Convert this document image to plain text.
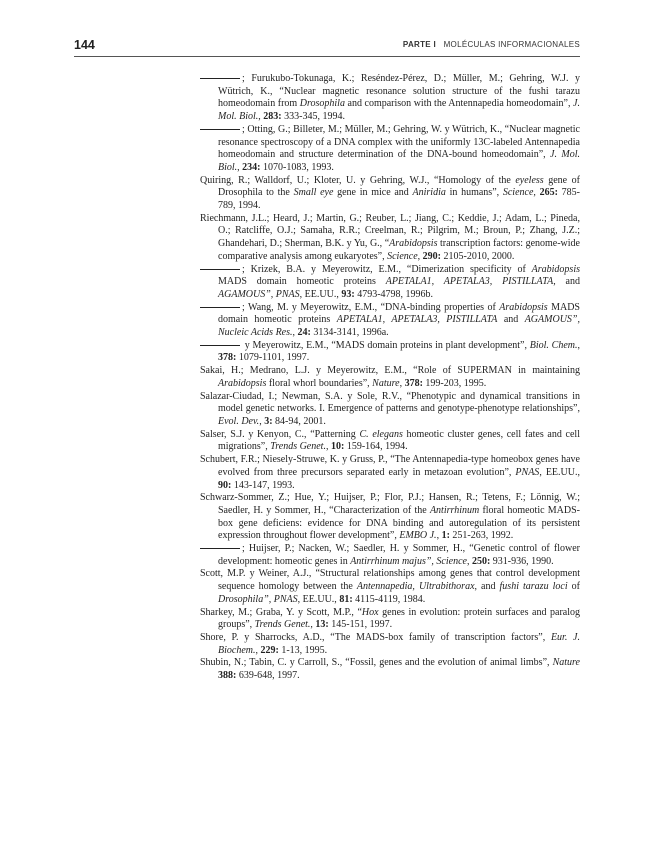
144	PARTE I MOLÉCULAS INFORMACIONALES

; Furukubo-Tokunaga, K.; Reséndez-Pérez, D.; Müller, M.; Gehring, W.J. y Wütrich, K., “Nuclear magnetic resonance solution structure of the fushi tarazu homeodomain from Drosophila and comparison with the Antennapedia homeodomain”, J. Mol. Biol., 283: 333-345, 1994.

; Otting, G.; Billeter, M.; Müller, M.; Gehring, W. y Wütrich, K., “Nuclear magnetic resonance spectroscopy of a DNA complex with the uniformly 13C-labeled Antennapedia homeodomain and structure determination of the DNA-bound homeodomain”, J. Mol. Biol., 234: 1070-1083, 1993.

Quiring, R.; Walldorf, U.; Kloter, U. y Gehring, W.J., “Homology of the eyeless gene of Drosophila to the Small eye gene in mice and Aniridia in humans”, Science, 265: 785-789, 1994.

Riechmann, J.L.; Heard, J.; Martin, G.; Reuber, L.; Jiang, C.; Keddie, J.; Adam, L.; Pineda, O.; Ratcliffe, O.J.; Samaha, R.R.; Creelman, R.; Pilgrim, M.; Broun, P.; Zhang, J.Z.; Ghandehari, D.; Sherman, B.K. y Yu, G., “Arabidopsis transcription factors: genome-wide comparative analysis among eukaryotes”, Science, 290: 2105-2010, 2000.

; Krizek, B.A. y Meyerowitz, E.M., “Dimerization specificity of Arabidopsis MADS domain homeotic proteins APETALA1, APETALA3, PISTILLATA, and AGAMOUS”, PNAS, EE.UU., 93: 4793-4798, 1996b.

; Wang, M. y Meyerowitz, E.M., “DNA-binding properties of Arabidopsis MADS domain homeotic proteins APETALA1, APETALA3, PISTILLATA and AGAMOUS”, Nucleic Acids Res., 24: 3134-3141, 1996a.

y Meyerowitz, E.M., “MADS domain proteins in plant development”, Biol. Chem., 378: 1079-1101, 1997.

Sakai, H.; Medrano, L.J. y Meyerowitz, E.M., “Role of SUPERMAN in maintaining Arabidopsis floral whorl boundaries”, Nature, 378: 199-203, 1995.

Salazar-Ciudad, I.; Newman, S.A. y Sole, R.V., “Phenotypic and dynamical transitions in model genetic networks. I. Emergence of patterns and genotype-phenotype relationships”, Evol. Dev., 3: 84-94, 2001.

Salser, S.J. y Kenyon, C., “Patterning C. elegans homeotic cluster genes, cell fates and cell migrations”, Trends Genet., 10: 159-164, 1994.

Schubert, F.R.; Niesely-Struwe, K. y Gruss, P., “The Antennapedia-type homeobox genes have evolved from three precursors separated early in metazoan evolution”, PNAS, EE.UU., 90: 143-147, 1993.

Schwarz-Sommer, Z.; Hue, Y.; Huijser, P.; Flor, P.J.; Hansen, R.; Tetens, F.; Lönnig, W.; Saedler, H. y Sommer, H., “Characterization of the Antirrhinum floral homeotic MADS-box gene deficiens: evidence for DNA binding and autoregulation of its persistent expression throughout flower development”, EMBO J., 1: 251-263, 1992.

; Huijser, P.; Nacken, W.; Saedler, H. y Sommer, H., “Genetic control of flower development: homeotic genes in Antirrhinum majus”, Science, 250: 931-936, 1990.

Scott, M.P. y Weiner, A.J., “Structural relationships among genes that control development sequence homology between the Antennapedia, Ultrabithorax, and fushi tarazu loci of Drosophila”, PNAS, EE.UU., 81: 4115-4119, 1984.

Sharkey, M.; Graba, Y. y Scott, M.P., “Hox genes in evolution: protein surfaces and paralog groups”, Trends Genet., 13: 145-151, 1997.

Shore, P. y Sharrocks, A.D., “The MADS-box family of transcription factors”, Eur. J. Biochem., 229: 1-13, 1995.

Shubin, N.; Tabin, C. y Carroll, S., “Fossil, genes and the evolution of animal limbs”, Nature 388: 639-648, 1997.
